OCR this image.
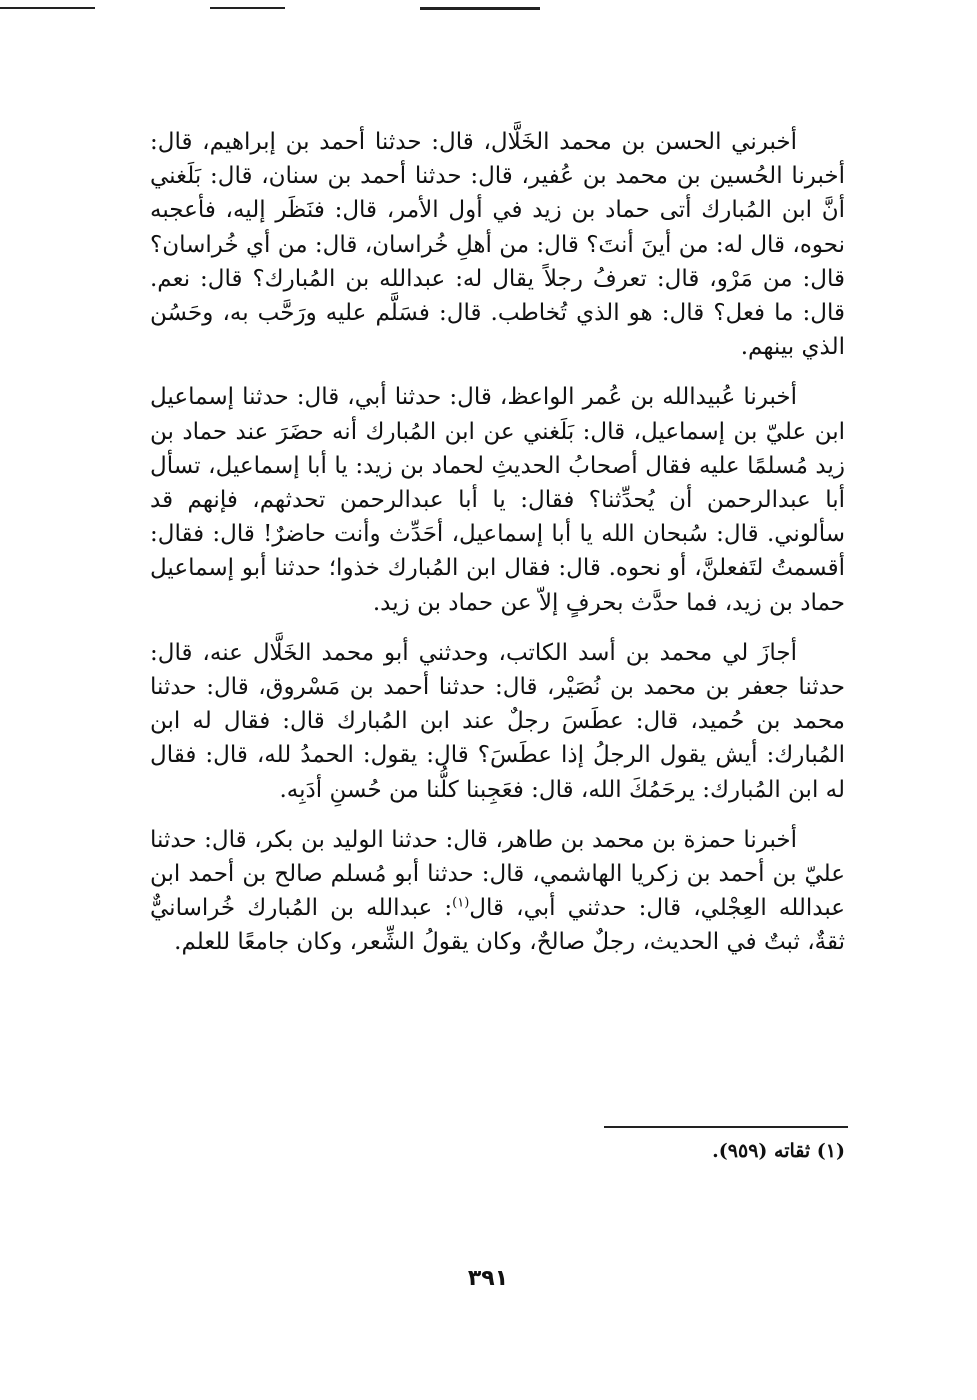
أخبرني الحسن بن محمد الخَلَّال، قال: حدثنا أحمد بن إبراهيم، قال: أخبرنا الحُسين بن محمد بن عُفير، قال: حدثنا أحمد بن سنان، قال: بَلَغني أنَّ ابن المُبارك أتى حماد بن زيد في أول الأمر، قال: فنَظَر إليه، فأعجبه نحوه، قال له: من أينَ أنتَ؟ قال: من أهلِ خُراسان، قال: من أي خُراسان؟ قال: من مَرْو، قال: تعرفُ رجلاً يقال له: عبدالله بن المُبارك؟ قال: نعم. قال: ما فعل؟ قال: هو الذي تُخاطب. قال: فسَلَّم عليه ورَحَّب به، وحَسُن الذي بينهم.

أخبرنا عُبيدالله بن عُمر الواعظ، قال: حدثنا أبي، قال: حدثنا إسماعيل ابن عليّ بن إسماعيل، قال: بَلَغني عن ابن المُبارك أنه حضَرَ عند حماد بن زيد مُسلمًا عليه فقال أصحابُ الحديثِ لحماد بن زيد: يا أبا إسماعيل، تسأل أبا عبدالرحمن أن يُحدِّثنا؟ فقال: يا أبا عبدالرحمن تحدثهم، فإنهم قد سألوني. قال: سُبحان الله يا أبا إسماعيل، أحَدِّث وأنت حاضرٌ! قال: فقال: أقسمتُ لتَفعلنَّ، أو نحوه. قال: فقال ابن المُبارك خذوا؛ حدثنا أبو إسماعيل حماد بن زيد، فما حدَّث بحرفٍ إلاّ عن حماد بن زيد.

أجازَ لي محمد بن أسد الكاتب، وحدثني أبو محمد الخَلَّال عنه، قال: حدثنا جعفر بن محمد بن نُصَيْر، قال: حدثنا أحمد بن مَسْروق، قال: حدثنا محمد بن حُميد، قال: عطَسَ رجلٌ عند ابن المُبارك قال: فقال له ابن المُبارك: أيش يقول الرجلُ إذا عطَسَ؟ قال: يقول: الحمدُ لله، قال: فقال له ابن المُبارك: يرحَمُكَ الله، قال: فعَجِبنا كلُّنا من حُسنِ أدَبِه.

أخبرنا حمزة بن محمد بن طاهر، قال: حدثنا الوليد بن بكر، قال: حدثنا عليّ بن أحمد بن زكريا الهاشمي، قال: حدثنا أبو مُسلم صالح بن أحمد ابن عبدالله العِجْلي، قال: حدثني أبي، قال$^{(١)}$: عبدالله بن المُبارك خُراسانيٌّ ثقةٌ، ثبتٌ في الحديث، رجلٌ صالحٌ، وكان يقولُ الشِّعر، وكان جامعًا للعلم.

(١) ثقاته (٩٥٩).
٣٩١
